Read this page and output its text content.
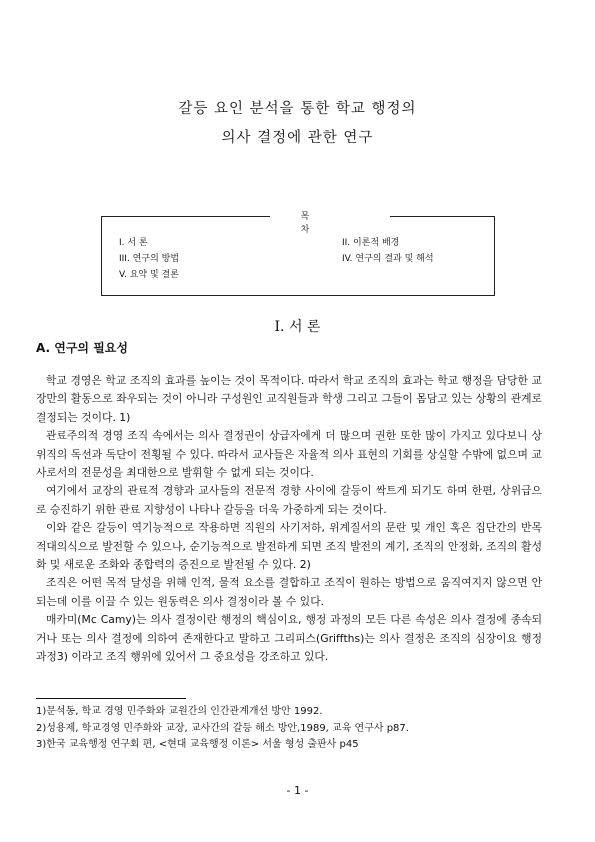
갈등 요인 분석을 통한 학교 행정의
의사 결정에 관한 연구
목 차
I. 서 론	II. 이론적 배경
III. 연구의 방법	IV. 연구의 결과 및 해석
V. 요약 및 결론
I. 서 론
A. 연구의 필요성

학교 경영은 학교 조직의 효과를 높이는 것이 목적이다. 따라서 학교 조직의 효과는 학교 행정을 담당한 교장만의 활동으로 좌우되는 것이 아니라 구성원인 교직원들과 학생 그리고 그들이 몸담고 있는 상황의 관계로 결정되는 것이다. 1)

관료주의적 경영 조직 속에서는 의사 결정권이 상급자에게 더 많으며 권한 또한 많이 가지고 있다보니 상위직의 독선과 독단이 전횡될 수 있다. 따라서 교사들은 자율적 의사 표현의 기회를 상실할 수밖에 없으며 교사로서의 전문성을 최대한으로 발휘할 수 없게 되는 것이다.

여기에서 교장의 관료적 경향과 교사들의 전문적 경향 사이에 갈등이 싹트게 되기도 하며 한편, 상위급으로 승진하기 위한 관료 지향성이 나타나 갈등을 더욱 가중하게 되는 것이다.

이와 같은 갈등이 역기능적으로 작용하면 직원의 사기저하, 위계질서의 문란 및 개인 혹은 집단간의 반목 적대의식으로 발전할 수 있으나, 순기능적으로 발전하게 되면 조직 발전의 계기, 조직의 안정화, 조직의 활성화 및 새로운 조화와 종합력의 증진으로 발전될 수 있다. 2)

조직은 어떤 목적 달성을 위해 인적, 물적 요소를 결합하고 조직이 원하는 방법으로 움직여지지 않으면 안되는데 이를 이끌 수 있는 원동력은 의사 결정이라 볼 수 있다.

매카미(Mc Camy)는 의사 결정이란 행정의 핵심이요, 행정 과정의 모든 다른 속성은 의사 결정에 종속되거나 또는 의사 결정에 의하여 존재한다고 말하고 그리피스(Griffths)는 의사 결정은 조직의 심장이요 행정과정3) 이라고 조직 행위에 있어서 그 중요성을 강조하고 있다.

1)문석동, 학교 경영 민주화와 교원간의 인간관계개선 방안 1992.
2)성용제, 학교경영 민주화와 교장, 교사간의 갈등 해소 방안,1989, 교육 연구사 p87.
3)한국 교육행정 연구회 편, <현대 교육행정 이론> 서울 형성 출판사 p45
- 1 -
